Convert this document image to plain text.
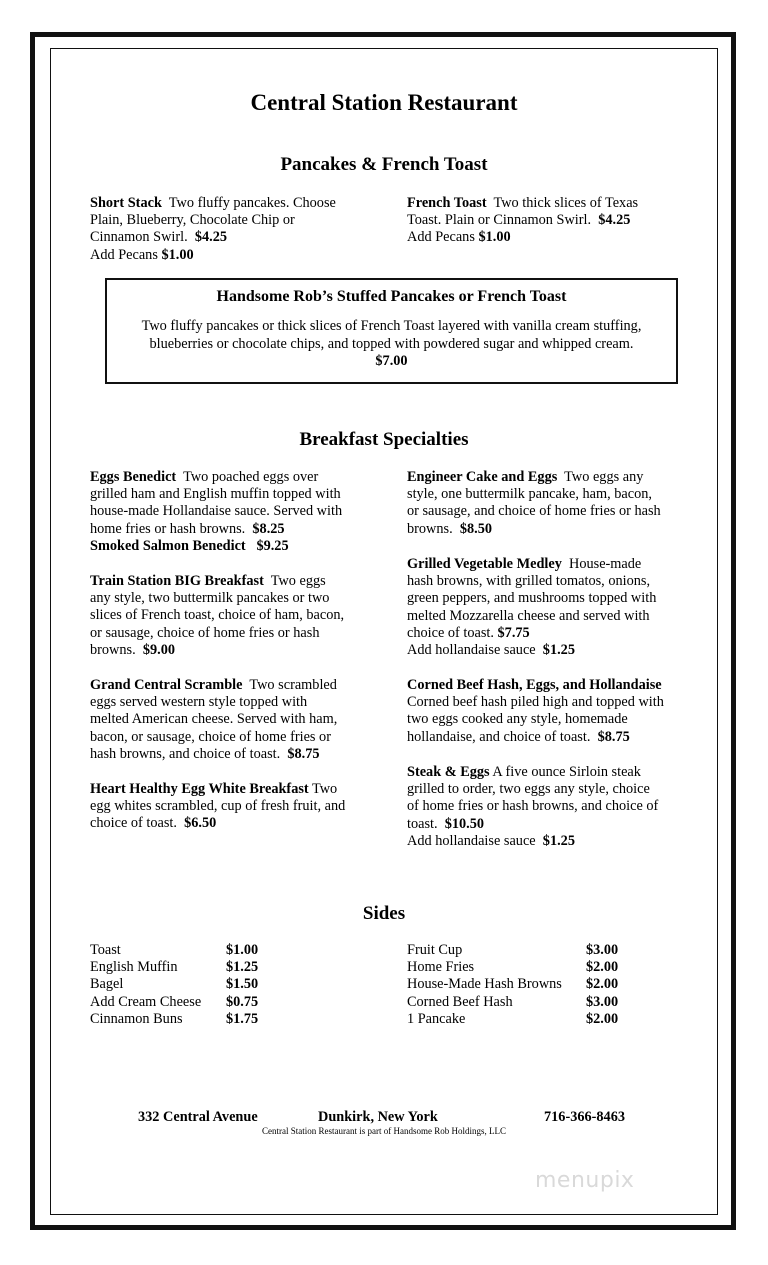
Central Station Restaurant
Pancakes & French Toast
Short Stack Two fluffy pancakes. Choose
Plain, Blueberry, Chocolate Chip or
Cinnamon Swirl. $4.25
Add Pecans $1.00
French Toast Two thick slices of Texas
Toast. Plain or Cinnamon Swirl. $4.25
Add Pecans $1.00
Handsome Rob’s Stuffed Pancakes or French Toast
Two fluffy pancakes or thick slices of French Toast layered with vanilla cream stuffing,
blueberries or chocolate chips, and topped with powdered sugar and whipped cream.
$7.00
Breakfast Specialties
Eggs Benedict Two poached eggs over
grilled ham and English muffin topped with
house-made Hollandaise sauce. Served with
home fries or hash browns. $8.25
Smoked Salmon Benedict $9.25
Train Station BIG Breakfast Two eggs
any style, two buttermilk pancakes or two
slices of French toast, choice of ham, bacon,
or sausage, choice of home fries or hash
browns. $9.00
Grand Central Scramble Two scrambled
eggs served western style topped with
melted American cheese. Served with ham,
bacon, or sausage, choice of home fries or
hash browns, and choice of toast. $8.75
Heart Healthy Egg White Breakfast Two
egg whites scrambled, cup of fresh fruit, and
choice of toast. $6.50
Engineer Cake and Eggs Two eggs any
style, one buttermilk pancake, ham, bacon,
or sausage, and choice of home fries or hash
browns. $8.50
Grilled Vegetable Medley House-made
hash browns, with grilled tomatos, onions,
green peppers, and mushrooms topped with
melted Mozzarella cheese and served with
choice of toast. $7.75
Add hollandaise sauce $1.25
Corned Beef Hash, Eggs, and Hollandaise
Corned beef hash piled high and topped with
two eggs cooked any style, homemade
hollandaise, and choice of toast. $8.75
Steak & Eggs A five ounce Sirloin steak
grilled to order, two eggs any style, choice
of home fries or hash browns, and choice of
toast. $10.50
Add hollandaise sauce $1.25
Sides
Toast	$1.00
English Muffin	$1.25
Bagel	$1.50
Add Cream Cheese $0.75
Cinnamon Buns	$1.75
Fruit Cup	$3.00
Home Fries	$2.00
House-Made Hash Browns $2.00
Corned Beef Hash	$3.00
1 Pancake	$2.00
332 Central Avenue	Dunkirk, New York	716-366-8463
Central Station Restaurant is part of Handsome Rob Holdings, LLC
menupix
